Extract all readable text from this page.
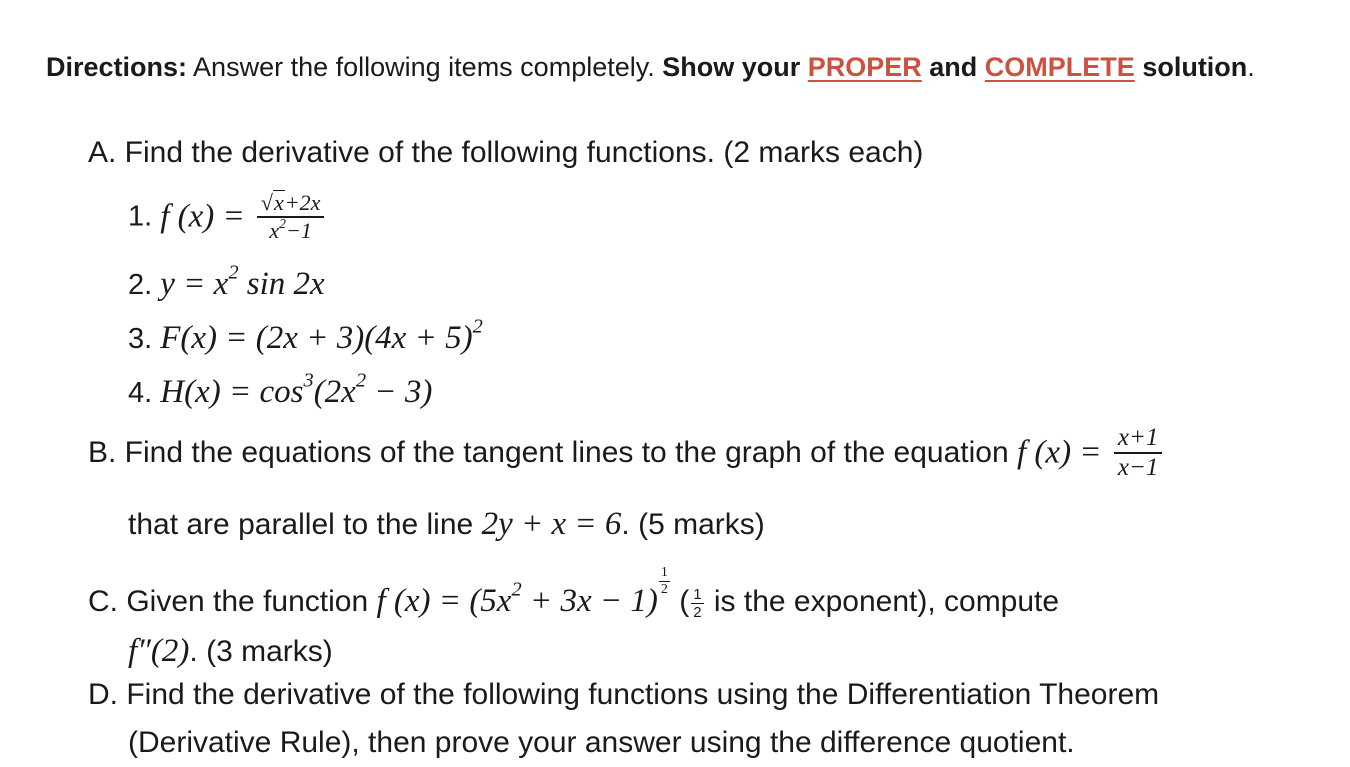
Directions: Answer the following items completely. Show your PROPER and COMPLETE solution.
A. Find the derivative of the following functions. (2 marks each)
1. f $(x) = \frac{√x+2x}{x^2-1}$
2. $y = x^2$ sin 2x
3. $F(x) = (2x + 3)(4x + 5)^2$
4. $H(x) = \cos^3(2x^2 - 3)$
B. Find the equations of the tangent lines to the graph of the equation f $(x) = \frac{x+1}{x-1}$
that are parallel to the line 2y + x = 6. (5 marks)
C. Given the function f $(x) = (5x^2 + 3x - 1)$
$\frac{1}{2}$
( $\frac{1}{2}$ is the exponent), compute
f″(2). (3 marks)
D. Find the derivative of the following functions using the Differentiation Theorem
(Derivative Rule), then prove your answer using the difference quotient.
